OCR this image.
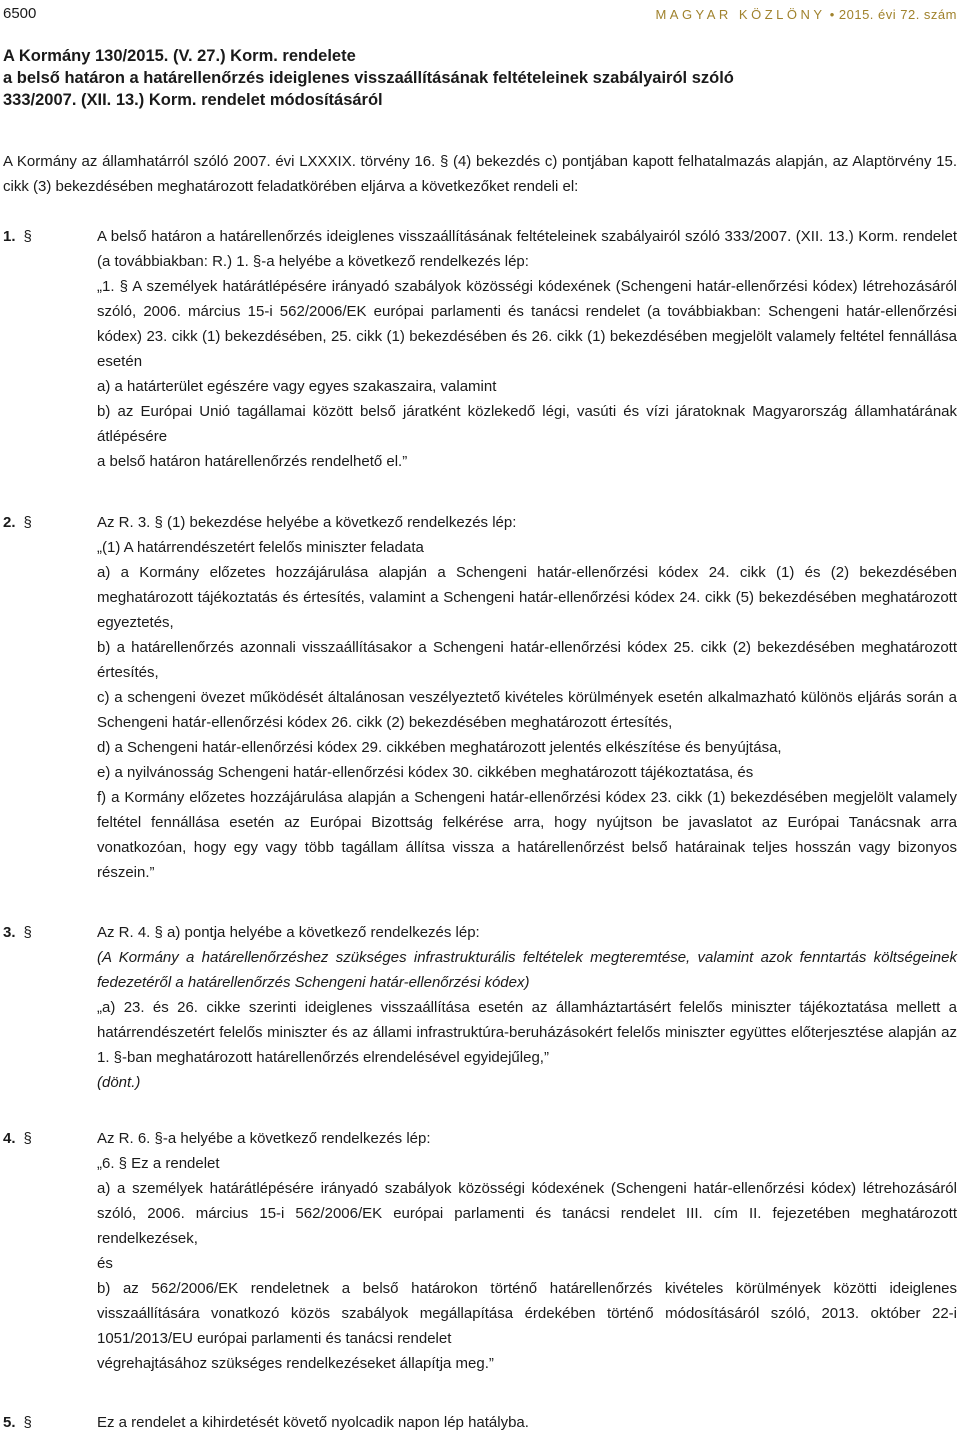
6500	MAGYAR KÖZLÖNY • 2015. évi 72. szám
A Kormány 130/2015. (V. 27.) Korm. rendelete
a belső határon a határellenőrzés ideiglenes visszaállításának feltételeinek szabályairól szóló
333/2007. (XII. 13.) Korm. rendelet módosításáról
A Kormány az államhatárról szóló 2007. évi LXXXIX. törvény 16. § (4) bekezdés c) pontjában kapott felhatalmazás alapján, az Alaptörvény 15. cikk (3) bekezdésében meghatározott feladatkörében eljárva a következőket rendeli el:
1. §	A belső határon a határellenőrzés ideiglenes visszaállításának feltételeinek szabályairól szóló 333/2007. (XII. 13.) Korm. rendelet (a továbbiakban: R.) 1. §-a helyébe a következő rendelkezés lép:

„1. § A személyek határátlépésére irányadó szabályok közösségi kódexének (Schengeni határ-ellenőrzési kódex) létrehozásáról szóló, 2006. március 15-i 562/2006/EK európai parlamenti és tanácsi rendelet (a továbbiakban: Schengeni határ-ellenőrzési kódex) 23. cikk (1) bekezdésében, 25. cikk (1) bekezdésében és 26. cikk (1) bekezdésében megjelölt valamely feltétel fennállása esetén

a) a határterület egészére vagy egyes szakaszaira, valamint

b) az Európai Unió tagállamai között belső járatként közlekedő légi, vasúti és vízi járatoknak Magyarország államhatárának átlépésére

a belső határon határellenőrzés rendelhető el.”

2. §	Az R. 3. § (1) bekezdése helyébe a következő rendelkezés lép:

„(1) A határrendészetért felelős miniszter feladata

a) a Kormány előzetes hozzájárulása alapján a Schengeni határ-ellenőrzési kódex 24. cikk (1) és (2) bekezdésében meghatározott tájékoztatás és értesítés, valamint a Schengeni határ-ellenőrzési kódex 24. cikk (5) bekezdésében meghatározott egyeztetés,

b) a határellenőrzés azonnali visszaállításakor a Schengeni határ-ellenőrzési kódex 25. cikk (2) bekezdésében meghatározott értesítés,

c) a schengeni övezet működését általánosan veszélyeztető kivételes körülmények esetén alkalmazható különös eljárás során a Schengeni határ-ellenőrzési kódex 26. cikk (2) bekezdésében meghatározott értesítés,

d) a Schengeni határ-ellenőrzési kódex 29. cikkében meghatározott jelentés elkészítése és benyújtása,

e) a nyilvánosság Schengeni határ-ellenőrzési kódex 30. cikkében meghatározott tájékoztatása, és

f) a Kormány előzetes hozzájárulása alapján a Schengeni határ-ellenőrzési kódex 23. cikk (1) bekezdésében megjelölt valamely feltétel fennállása esetén az Európai Bizottság felkérése arra, hogy nyújtson be javaslatot az Európai Tanácsnak arra vonatkozóan, hogy egy vagy több tagállam állítsa vissza a határellenőrzést belső határainak teljes hosszán vagy bizonyos részein.”

3. §	Az R. 4. § a) pontja helyébe a következő rendelkezés lép:

(A Kormány a határellenőrzéshez szükséges infrastrukturális feltételek megteremtése, valamint azok fenntartás költségeinek fedezetéről a határellenőrzés Schengeni határ-ellenőrzési kódex)

„a) 23. és 26. cikke szerinti ideiglenes visszaállítása esetén az államháztartásért felelős miniszter tájékoztatása mellett a határrendészetért felelős miniszter és az állami infrastruktúra-beruházásokért felelős miniszter együttes előterjesztése alapján az 1. §-ban meghatározott határellenőrzés elrendelésével egyidejűleg,”

(dönt.)

4. §	Az R. 6. §-a helyébe a következő rendelkezés lép:

„6. § Ez a rendelet

a) a személyek határátlépésére irányadó szabályok közösségi kódexének (Schengeni határ-ellenőrzési kódex) létrehozásáról szóló, 2006. március 15-i 562/2006/EK európai parlamenti és tanácsi rendelet III. cím II. fejezetében meghatározott rendelkezések,

és

b) az 562/2006/EK rendeletnek a belső határokon történő határellenőrzés kivételes körülmények közötti ideiglenes visszaállítására vonatkozó közös szabályok megállapítása érdekében történő módosításáról szóló, 2013. október 22-i 1051/2013/EU európai parlamenti és tanácsi rendelet

végrehajtásához szükséges rendelkezéseket állapítja meg.”

5. §	Ez a rendelet a kihirdetését követő nyolcadik napon lép hatályba.
